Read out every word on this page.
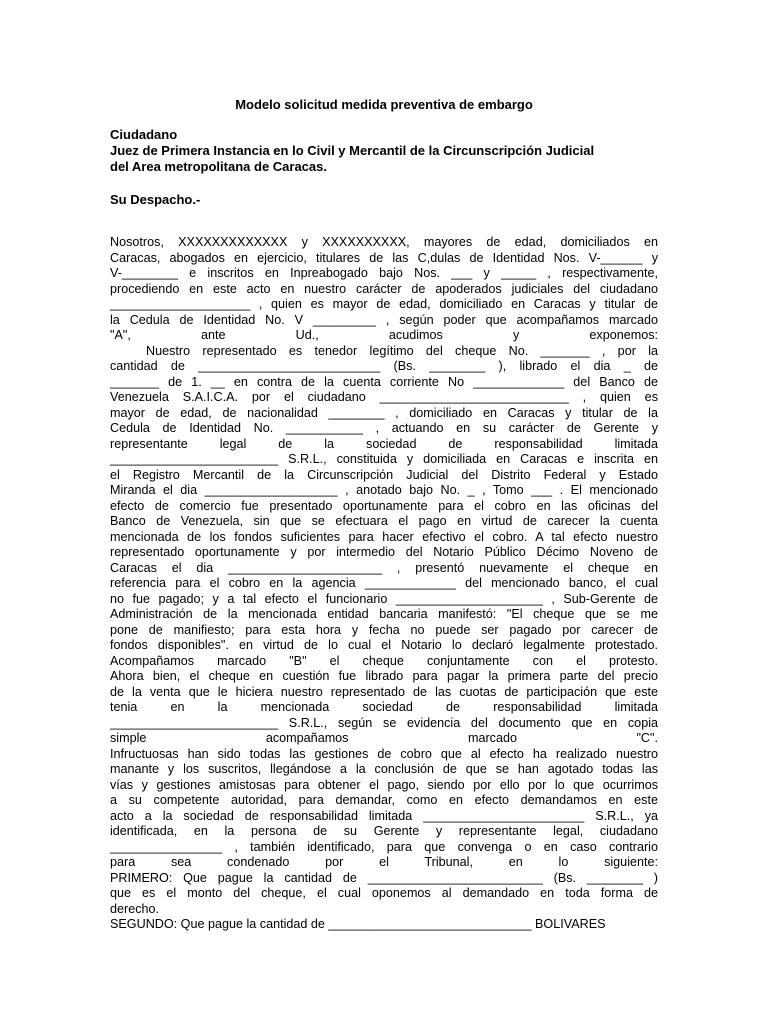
Modelo solicitud medida preventiva de embargo
Ciudadano
Juez de Primera Instancia en lo Civil y Mercantil de la Circunscripción Judicial
del Area metropolitana de Caracas.
Su Despacho.-
Nosotros, XXXXXXXXXXXXX y XXXXXXXXXX, mayores de edad, domiciliados en
Caracas, abogados en ejercicio, titulares de las C,dulas de Identidad Nos. V-______ y
V-________ e inscritos en Inpreabogado bajo Nos. ___ y _____ , respectivamente,
procediendo en este acto en nuestro carácter de apoderados judiciales del ciudadano
____________________ , quien es mayor de edad, domiciliado en Caracas y titular de
la Cedula de Identidad No. V _________ , según poder que acompañamos marcado
"A", ante Ud., acudimos y exponemos:
Nuestro representado es tenedor legítimo del cheque No. _______ , por la
cantidad de __________________________ (Bs. ________ ), librado el dia _ de
_______ de 1. __ en contra de la cuenta corriente No _____________ del Banco de
Venezuela S.A.I.C.A. por el ciudadano ___________________________ , quien es
mayor de edad, de nacionalidad ________ , domiciliado en Caracas y titular de la
Cedula de Identidad No. ___________ , actuando en su carácter de Gerente y
representante legal de la sociedad de responsabilidad limitada
________________________ S.R.L., constituida y domiciliada en Caracas e inscrita en
el Registro Mercantil de la Circunscripción Judicial del Distrito Federal y Estado
Miranda el dia ___________________ , anotado bajo No. _ , Tomo ___ . El mencionado
efecto de comercio fue presentado oportunamente para el cobro en las oficinas del
Banco de Venezuela, sin que se efectuara el pago en virtud de carecer la cuenta
mencionada de los fondos suficientes para hacer efectivo el cobro. A tal efecto nuestro
representado oportunamente y por intermedio del Notario Público Décimo Noveno de
Caracas el dia ______________________ , presentó nuevamente el cheque en
referencia para el cobro en la agencia _____________ del mencionado banco, el cual
no fue pagado; y a tal efecto el funcionario _____________________ , Sub-Gerente de
Administración de la mencionada entidad bancaria manifestó: "El cheque que se me
pone de manifiesto; para esta hora y fecha no puede ser pagado por carecer de
fondos disponibles". en virtud de lo cual el Notario lo declaró legalmente protestado.
Acompañamos marcado "B" el cheque conjuntamente con el protesto.
Ahora bien, el cheque en cuestión fue librado para pagar la primera parte del precio
de la venta que le hiciera nuestro representado de las cuotas de participación que este
tenia en la mencionada sociedad de responsabilidad limitada
________________________ S.R.L., según se evidencia del documento que en copia
simple acompañamos marcado "C".
Infructuosas han sido todas las gestiones de cobro que al efecto ha realizado nuestro
manante y los suscritos, llegándose a la conclusión de que se han agotado todas las
vías y gestiones amistosas para obtener el pago, siendo por ello por lo que ocurrimos
a su competente autoridad, para demandar, como en efecto demandamos en este
acto a la sociedad de responsabilidad limitada _______________________ S.R.L., ya
identificada, en la persona de su Gerente y representante legal, ciudadano
________________ , también identificado, para que convenga o en caso contrario
para sea condenado por el Tribunal, en lo siguiente:
PRIMERO: Que pague la cantidad de _________________________ (Bs. ________ )
que es el monto del cheque, el cual oponemos al demandado en toda forma de
derecho.
SEGUNDO: Que pague la cantidad de _____________________________ BOLIVARES
